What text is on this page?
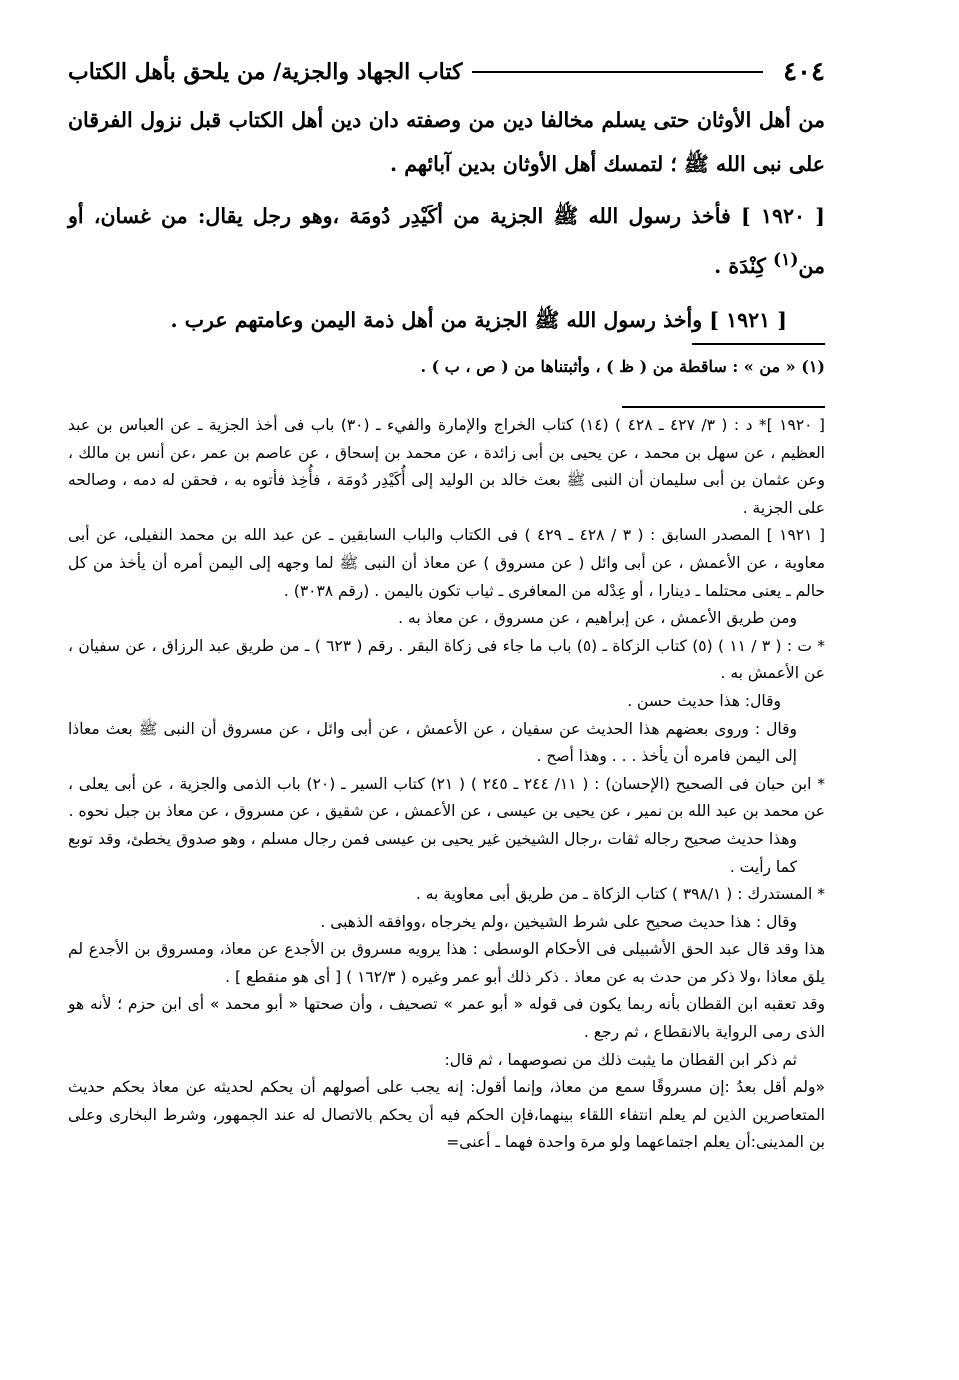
٤٠٤
كتاب الجهاد والجزية/ من يلحق بأهل الكتاب

من أهل الأوثان حتى يسلم مخالفا دين من وصفته دان دين أهل الكتاب قبل نزول الفرقان على نبى الله ﷺ ؛ لتمسك أهل الأوثان بدين آبائهم .

[ ١٩٢٠ ] فأخذ رسول الله ﷺ الجزية من أكَيْدِر دُومَة ،وهو رجل يقال: من غسان، أو من$^{(١)}$ كِنْدَة .

[ ١٩٢١ ] وأخذ رسول الله ﷺ الجزية من أهل ذمة اليمن وعامتهم عرب .

(١) « من » : ساقطة من ( ظ ) ، وأثبتناها من ( ص ، ب ) .

[ ١٩٢٠ ]* د : ( ٣/ ٤٢٧ ـ ٤٢٨ ) (١٤) كتاب الخراج والإمارة والفيء ـ (٣٠) باب فى أخذ الجزية ـ عن العباس بن عبد العظيم ، عن سهل بن محمد ، عن يحيى بن أبى زائدة ، عن محمد بن إسحاق ، عن عاصم بن عمر ،عن أنس بن مالك ، وعن عثمان بن أبى سليمان أن النبى ﷺ بعث خالد بن الوليد إلى أُكَيْدِر دُومَة ، فأُخِذ فأتوه به ، فحقن له دمه ، وصالحه على الجزية .

[ ١٩٢١ ] المصدر السابق : ( ٣ / ٤٢٨ ـ ٤٢٩ ) فى الكتاب والباب السابقين ـ عن عبد الله بن محمد النفيلى، عن أبى معاوية ، عن الأعمش ، عن أبى وائل ( عن مسروق ) عن معاذ أن النبى ﷺ لما وجهه إلى اليمن أمره أن يأخذ من كل حالم ـ يعنى محتلما ـ دينارا ، أو عِدْله من المعافرى ـ ثياب تكون باليمن . (رقم ٣٠٣٨) .

ومن طريق الأعمش ، عن إبراهيم ، عن مسروق ، عن معاذ به .

* ت : ( ٣ / ١١ ) (٥) كتاب الزكاة ـ (٥) باب ما جاء فى زكاة البقر . رقم ( ٦٢٣ ) ـ من طريق عبد الرزاق ، عن سفيان ، عن الأعمش به .

وقال: هذا حديث حسن .

وقال : وروى بعضهم هذا الحديث عن سفيان ، عن الأعمش ، عن أبى وائل ، عن مسروق أن النبى ﷺ بعث معاذا إلى اليمن فامره أن يأخذ . . . وهذا أصح .

* ابن حبان فى الصحيح (الإحسان) : ( ١١/ ٢٤٤ ـ ٢٤٥ ) ( ٢١) كتاب السير ـ (٢٠) باب الذمى والجزية ، عن أبى يعلى ، عن محمد بن عبد الله بن نمير ، عن يحيى بن عيسى ، عن الأعمش ، عن شقيق ، عن مسروق ، عن معاذ بن جبل نحوه .

وهذا حديث صحيح رجاله ثقات ،رجال الشيخين غير يحيى بن عيسى فمن رجال مسلم ، وهو صدوق يخطئ، وقد توبع كما رأيت .

* المستدرك : ( ٣٩٨/١ ) كتاب الزكاة ـ من طريق أبى معاوية به .

وقال : هذا حديث صحيح على شرط الشيخين ،ولم يخرجاه ،ووافقه الذهبى .

هذا وقد قال عبد الحق الأشبيلى فى الأحكام الوسطى : هذا يرويه مسروق بن الأجدع عن معاذ، ومسروق بن الأجدع لم يلق معاذا ،ولا ذكر من حدث به عن معاذ . ذكر ذلك أبو عمر وغيره ( ١٦٢/٣ ) [ أى هو منقطع ] .

وقد تعقبه ابن القطان بأنه ربما يكون فى قوله « أبو عمر » تصحيف ، وأن صحتها « أبو محمد » أى ابن حزم ؛ لأنه هو الذى رمى الرواية بالانقطاع ، ثم رجع .

ثم ذكر ابن القطان ما يثبت ذلك من نصوصهما ، ثم قال:

«ولم أقل بعدُ :إن مسروقًا سمع من معاذ، وإنما أقول: إنه يجب على أصولهم أن يحكم لحديثه عن معاذ بحكم حديث المتعاصرين الذين لم يعلم انتفاء اللقاء بينهما،فإن الحكم فيه أن يحكم بالاتصال له عند الجمهور، وشرط البخارى وعلى بن المدينى:أن يعلم اجتماعهما ولو مرة واحدة فهما ـ أعنى=
